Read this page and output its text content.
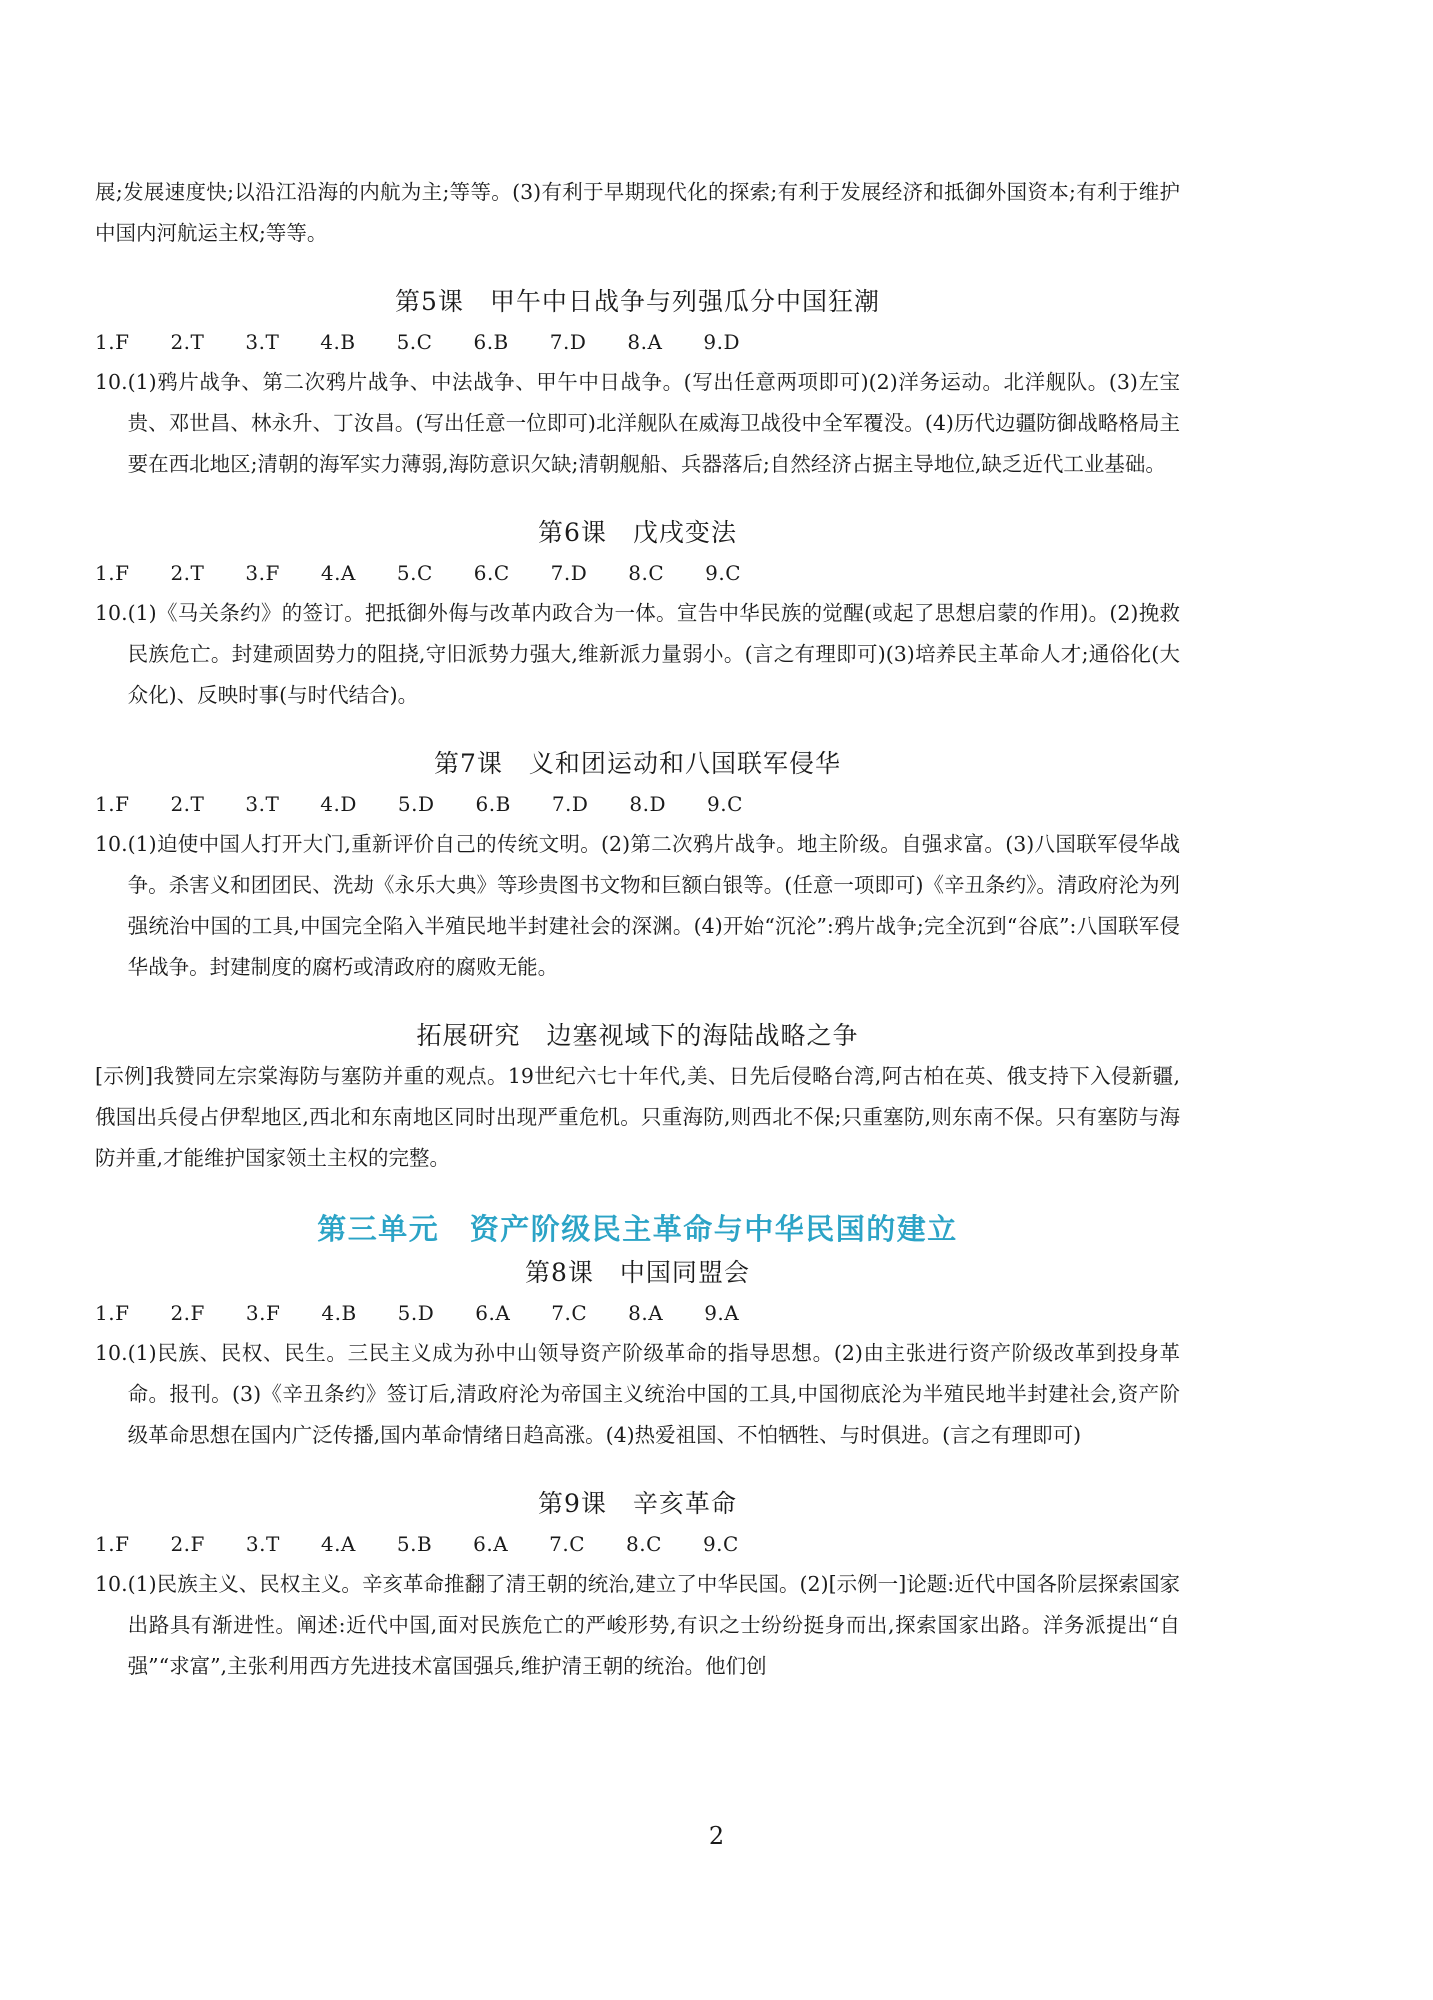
展;发展速度快;以沿江沿海的内航为主;等等。(3)有利于早期现代化的探索;有利于发展经济和抵御外国资本;有利于维护中国内河航运主权;等等。

第5课　甲午中日战争与列强瓜分中国狂潮

1.F　　2.T　　3.T　　4.B　　5.C　　6.B　　7.D　　8.A　　9.D

10. (1)鸦片战争、第二次鸦片战争、中法战争、甲午中日战争。(写出任意两项即可)(2)洋务运动。北洋舰队。(3)左宝贵、邓世昌、林永升、丁汝昌。(写出任意一位即可)北洋舰队在威海卫战役中全军覆没。(4)历代边疆防御战略格局主要在西北地区;清朝的海军实力薄弱,海防意识欠缺;清朝舰船、兵器落后;自然经济占据主导地位,缺乏近代工业基础。

第6课　戊戌变法

1.F　　2.T　　3.F　　4.A　　5.C　　6.C　　7.D　　8.C　　9.C

10. (1)《马关条约》的签订。把抵御外侮与改革内政合为一体。宣告中华民族的觉醒(或起了思想启蒙的作用)。(2)挽救民族危亡。封建顽固势力的阻挠,守旧派势力强大,维新派力量弱小。(言之有理即可)(3)培养民主革命人才;通俗化(大众化)、反映时事(与时代结合)。

第7课　义和团运动和八国联军侵华

1.F　　2.T　　3.T　　4.D　　5.D　　6.B　　7.D　　8.D　　9.C

10. (1)迫使中国人打开大门,重新评价自己的传统文明。(2)第二次鸦片战争。地主阶级。自强求富。(3)八国联军侵华战争。杀害义和团团民、洗劫《永乐大典》等珍贵图书文物和巨额白银等。(任意一项即可)《辛丑条约》。清政府沦为列强统治中国的工具,中国完全陷入半殖民地半封建社会的深渊。(4)开始“沉沦”:鸦片战争;完全沉到“谷底”:八国联军侵华战争。封建制度的腐朽或清政府的腐败无能。

拓展研究　边塞视域下的海陆战略之争

[示例]我赞同左宗棠海防与塞防并重的观点。19世纪六七十年代,美、日先后侵略台湾,阿古柏在英、俄支持下入侵新疆,俄国出兵侵占伊犁地区,西北和东南地区同时出现严重危机。只重海防,则西北不保;只重塞防,则东南不保。只有塞防与海防并重,才能维护国家领土主权的完整。

第三单元　资产阶级民主革命与中华民国的建立

第8课　中国同盟会

1.F　　2.F　　3.F　　4.B　　5.D　　6.A　　7.C　　8.A　　9.A

10. (1)民族、民权、民生。三民主义成为孙中山领导资产阶级革命的指导思想。(2)由主张进行资产阶级改革到投身革命。报刊。(3)《辛丑条约》签订后,清政府沦为帝国主义统治中国的工具,中国彻底沦为半殖民地半封建社会,资产阶级革命思想在国内广泛传播,国内革命情绪日趋高涨。(4)热爱祖国、不怕牺牲、与时俱进。(言之有理即可)

第9课　辛亥革命

1.F　　2.F　　3.T　　4.A　　5.B　　6.A　　7.C　　8.C　　9.C

10. (1)民族主义、民权主义。辛亥革命推翻了清王朝的统治,建立了中华民国。(2)[示例一]论题:近代中国各阶层探索国家出路具有渐进性。阐述:近代中国,面对民族危亡的严峻形势,有识之士纷纷挺身而出,探索国家出路。洋务派提出“自强”“求富”,主张利用西方先进技术富国强兵,维护清王朝的统治。他们创
2
